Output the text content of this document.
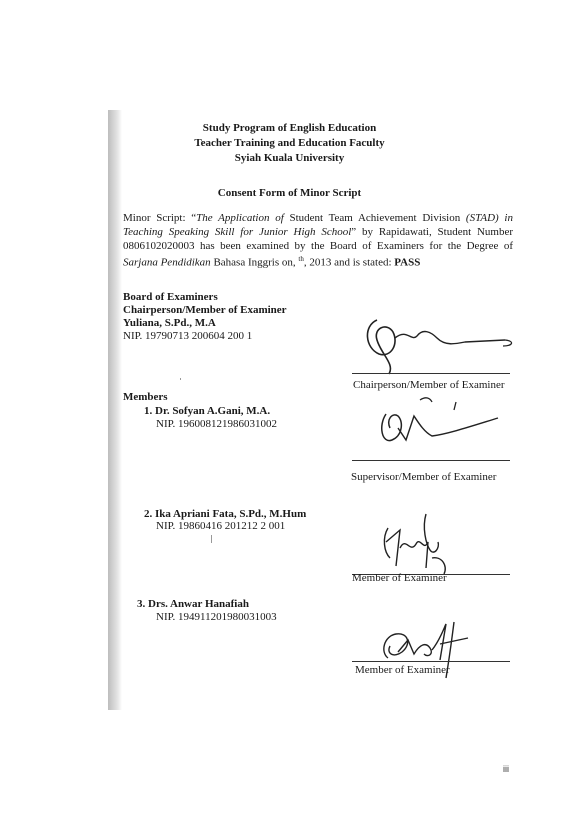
Study Program of English Education
Teacher Training and Education Faculty
Syiah Kuala University
Consent Form of Minor Script
Minor Script: “The Application of Student Team Achievement Division (STAD) in Teaching Speaking Skill for Junior High School” by Rapidawati, Student Number 0806102020003 has been examined by the Board of Examiners for the Degree of Sarjana Pendidikan Bahasa Inggris on, $^{th}$, 2013 and is stated: PASS
Board of Examiners
Chairperson/Member of Examiner
Yuliana, S.Pd., M.A
NIP. 19790713 200604 200 1
Chairperson/Member of Examiner
Members
1. Dr. Sofyan A.Gani, M.A.
NIP. 196008121986031002
Supervisor/Member of Examiner
2. Ika Apriani Fata, S.Pd., M.Hum
NIP. 19860416 201212 2 001
Member of Examiner
3. Drs. Anwar Hanafiah
NIP. 194911201980031003
Member of Examiner
iii
